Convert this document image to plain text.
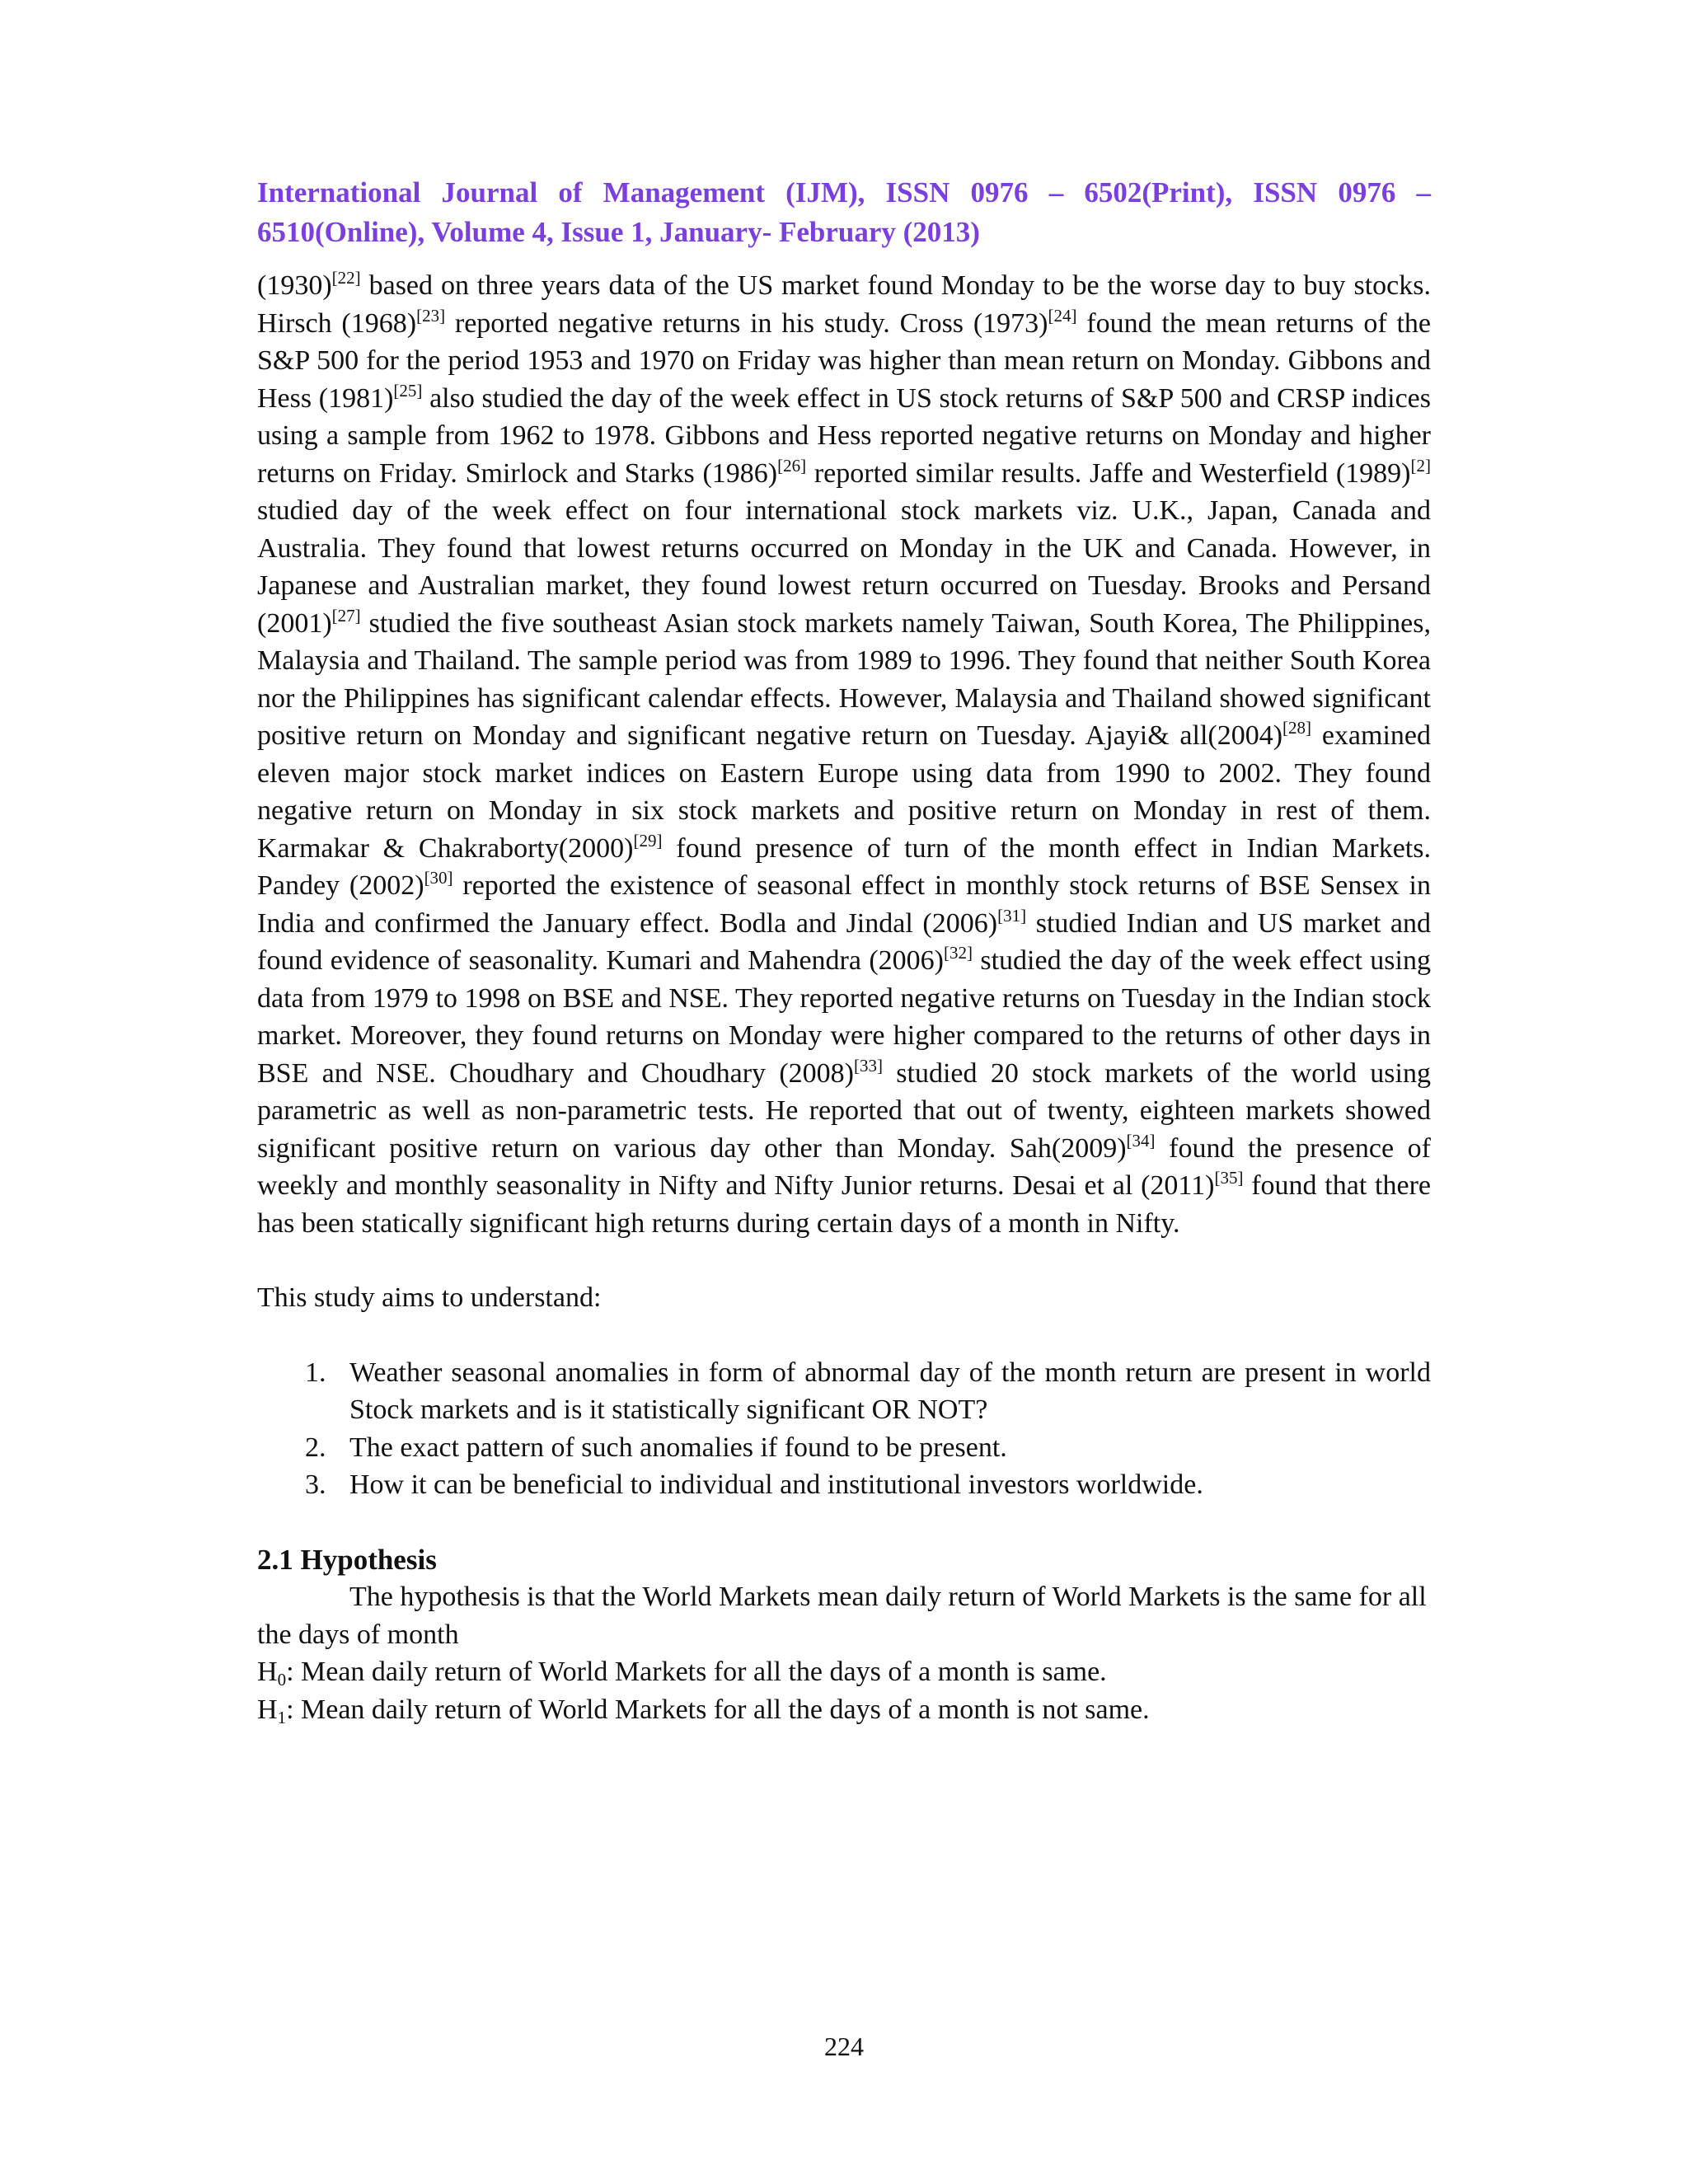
International Journal of Management (IJM), ISSN 0976 – 6502(Print), ISSN 0976 – 6510(Online), Volume 4, Issue 1, January- February (2013)

(1930)[22] based on three years data of the US market found Monday to be the worse day to buy stocks. Hirsch (1968)[23] reported negative returns in his study. Cross (1973)[24] found the mean returns of the S&P 500 for the period 1953 and 1970 on Friday was higher than mean return on Monday. Gibbons and Hess (1981)[25] also studied the day of the week effect in US stock returns of S&P 500 and CRSP indices using a sample from 1962 to 1978. Gibbons and Hess reported negative returns on Monday and higher returns on Friday. Smirlock and Starks (1986)[26] reported similar results. Jaffe and Westerfield (1989)[2] studied day of the week effect on four international stock markets viz. U.K., Japan, Canada and Australia. They found that lowest returns occurred on Monday in the UK and Canada. However, in Japanese and Australian market, they found lowest return occurred on Tuesday. Brooks and Persand (2001)[27] studied the five southeast Asian stock markets namely Taiwan, South Korea, The Philippines, Malaysia and Thailand. The sample period was from 1989 to 1996. They found that neither South Korea nor the Philippines has significant calendar effects. However, Malaysia and Thailand showed significant positive return on Monday and significant negative return on Tuesday. Ajayi& all(2004)[28] examined eleven major stock market indices on Eastern Europe using data from 1990 to 2002. They found negative return on Monday in six stock markets and positive return on Monday in rest of them. Karmakar & Chakraborty(2000)[29] found presence of turn of the month effect in Indian Markets. Pandey (2002)[30] reported the existence of seasonal effect in monthly stock returns of BSE Sensex in India and confirmed the January effect. Bodla and Jindal (2006)[31] studied Indian and US market and found evidence of seasonality. Kumari and Mahendra (2006)[32] studied the day of the week effect using data from 1979 to 1998 on BSE and NSE. They reported negative returns on Tuesday in the Indian stock market. Moreover, they found returns on Monday were higher compared to the returns of other days in BSE and NSE. Choudhary and Choudhary (2008)[33] studied 20 stock markets of the world using parametric as well as non-parametric tests. He reported that out of twenty, eighteen markets showed significant positive return on various day other than Monday. Sah(2009)[34] found the presence of weekly and monthly seasonality in Nifty and Nifty Junior returns. Desai et al (2011)[35] found that there has been statically significant high returns during certain days of a month in Nifty.

This study aims to understand:

1. Weather seasonal anomalies in form of abnormal day of the month return are present in world Stock markets and is it statistically significant OR NOT?
2. The exact pattern of such anomalies if found to be present.
3. How it can be beneficial to individual and institutional investors worldwide.

2.1 Hypothesis

The hypothesis is that the World Markets mean daily return of World Markets is the same for all the days of month

$H_0$: Mean daily return of World Markets for all the days of a month is same.

$H_1$: Mean daily return of World Markets for all the days of a month is not same.

224
